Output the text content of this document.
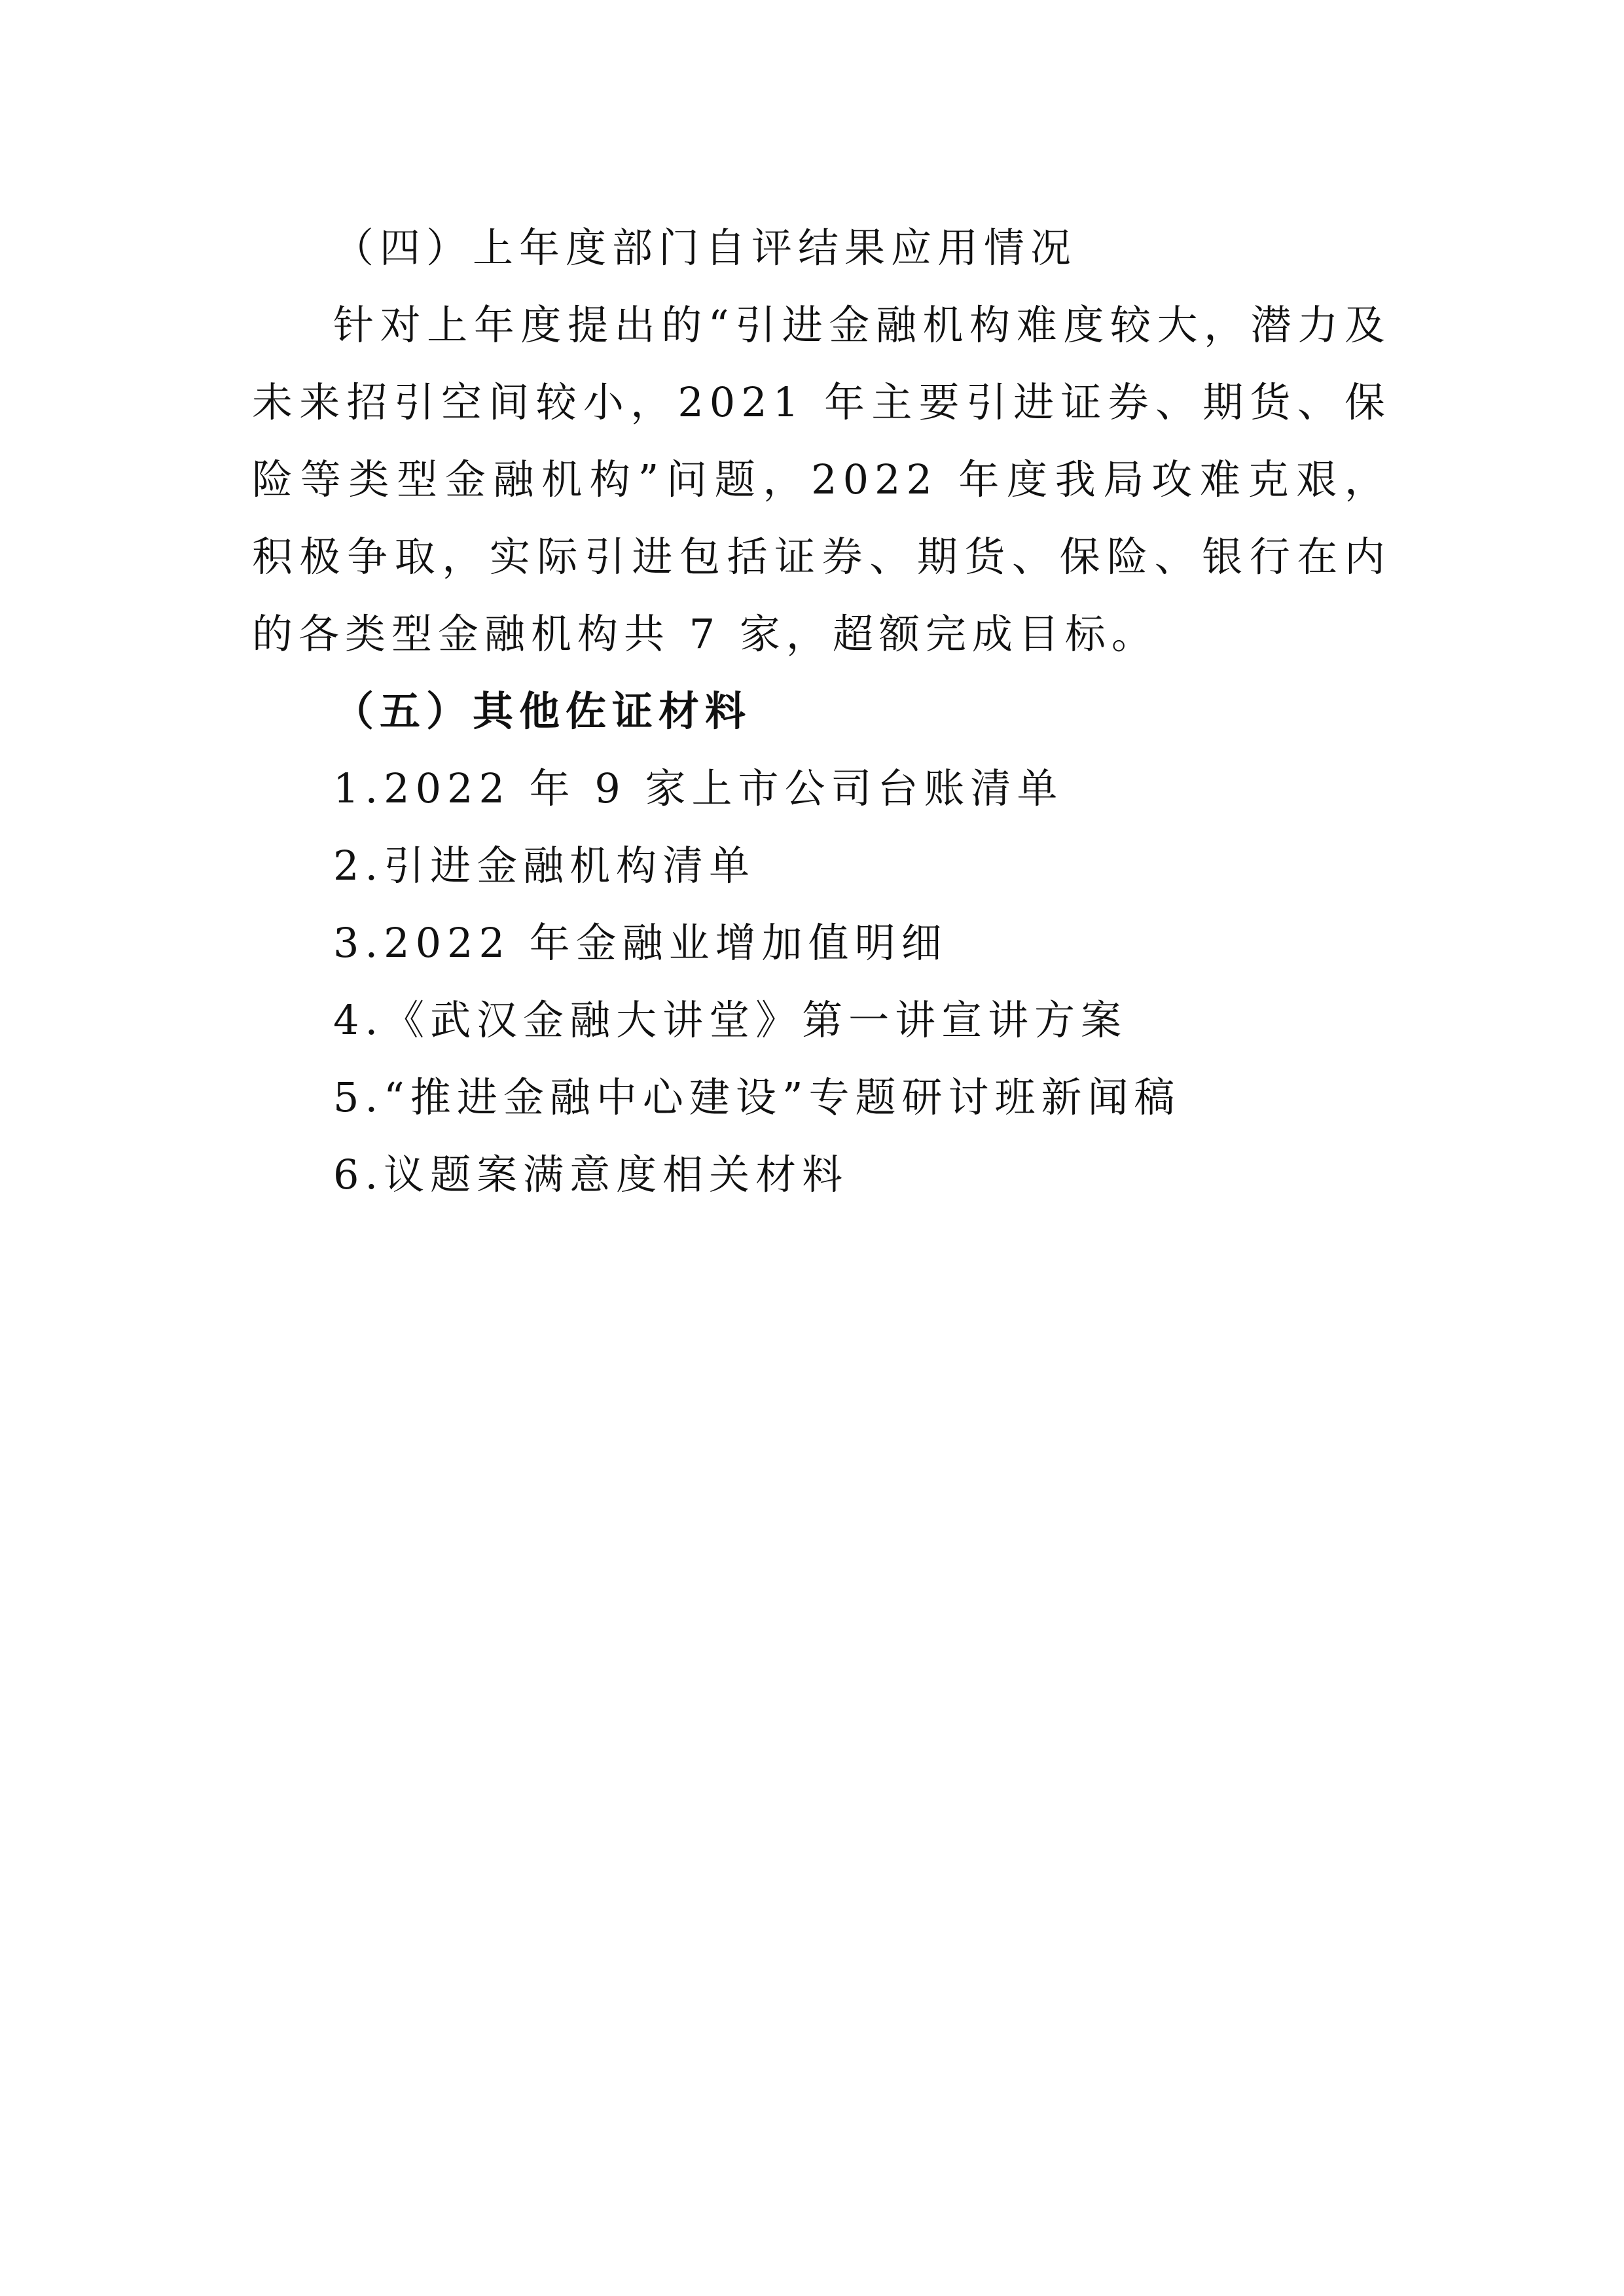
（四）上年度部门自评结果应用情况

针对上年度提出的“引进金融机构难度较大，潜力及未来招引空间较小，2021 年主要引进证券、期货、保险等类型金融机构”问题，2022 年度我局攻难克艰，积极争取，实际引进包括证券、期货、保险、银行在内的各类型金融机构共 7 家，超额完成目标。

（五）其他佐证材料
1.2022 年 9 家上市公司台账清单
2.引进金融机构清单
3.2022 年金融业增加值明细
4.《武汉金融大讲堂》第一讲宣讲方案
5.“推进金融中心建设”专题研讨班新闻稿
6.议题案满意度相关材料
